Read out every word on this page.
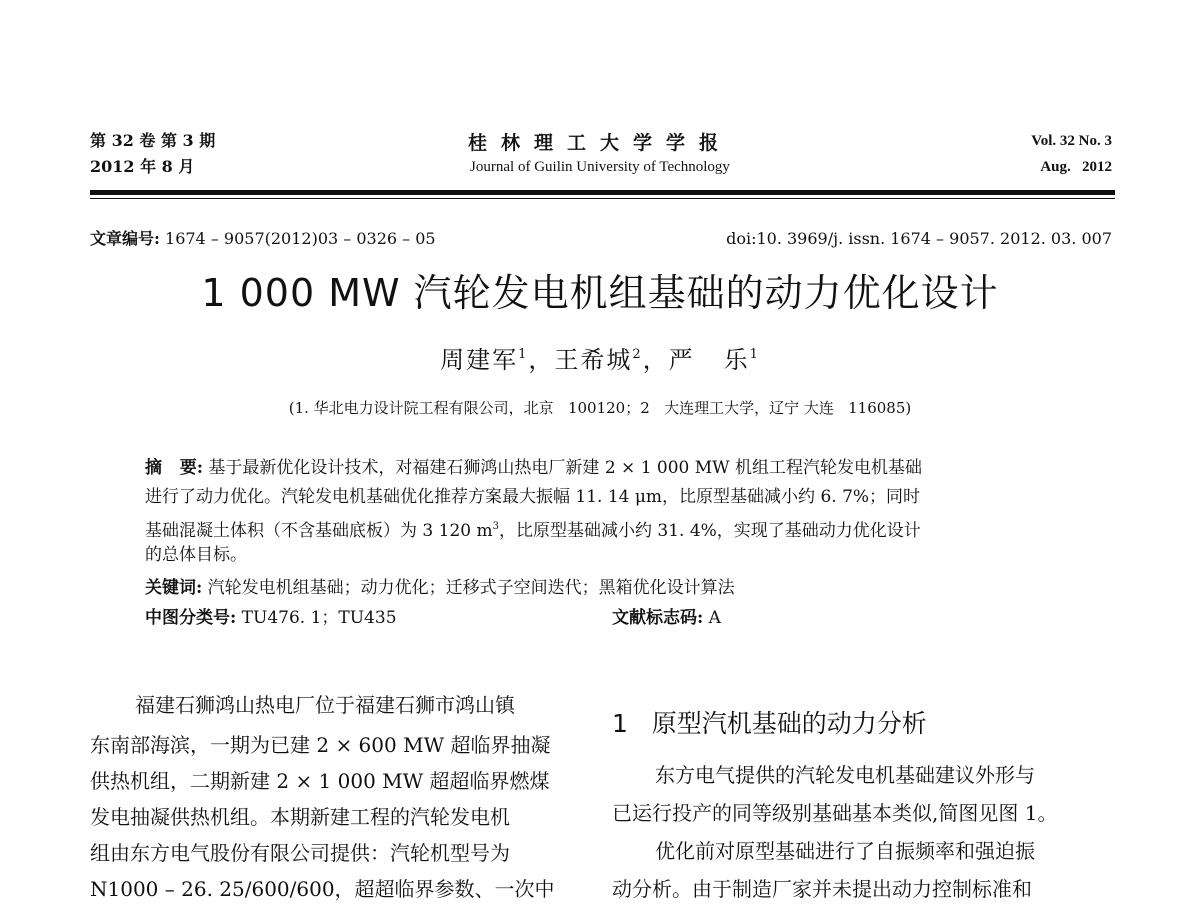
第 32 卷 第 3 期
2012 年 8 月
桂林理工大学学报
Journal of Guilin University of Technology
Vol. 32 No. 3
Aug.   2012
文章编号: 1674 – 9057(2012)03 – 0326 – 05	doi:10. 3969/j. issn. 1674 – 9057. 2012. 03. 007
1 000 MW 汽轮发电机组基础的动力优化设计
周建军$^1$，王希城$^2$，严   乐$^1$
(1. 华北电力设计院工程有限公司，北京   100120；2   大连理工大学，辽宁 大连   116085)
摘   要: 基于最新优化设计技术，对福建石狮鸿山热电厂新建 2 × 1 000 MW 机组工程汽轮发电机基础
进行了动力优化。汽轮发电机基础优化推荐方案最大振幅 11. 14 μm，比原型基础减小约 6. 7%；同时
基础混凝土体积（不含基础底板）为 3 120 $m^3$，比原型基础减小约 31. 4%，实现了基础动力优化设计
的总体目标。
关键词: 汽轮发电机组基础；动力优化；迁移式子空间迭代；黑箱优化设计算法
中图分类号: TU476. 1；TU435	文献标志码: A
福建石狮鸿山热电厂位于福建石狮市鸿山镇
东南部海滨，一期为已建 2 × 600 MW 超临界抽凝
供热机组，二期新建 2 × 1 000 MW 超超临界燃煤
发电抽凝供热机组。本期新建工程的汽轮发电机
组由东方电气股份有限公司提供：汽轮机型号为
N1000 – 26. 25/600/600，超超临界参数、一次中
1   原型汽机基础的动力分析
东方电气提供的汽轮发电机基础建议外形与
已运行投产的同等级别基础基本类似,简图见图 1。
优化前对原型基础进行了自振频率和强迫振
动分析。由于制造厂家并未提出动力控制标准和
